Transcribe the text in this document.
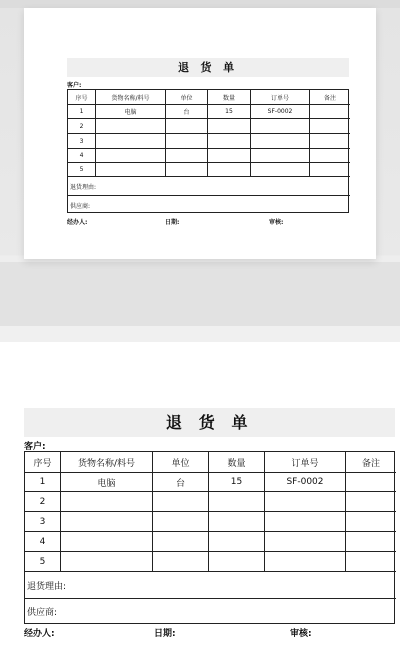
退 货 单
客户:
序号	货物名称/料号	单位	数量	订单号	备注
1	电脑	台	15	SF-0002
2
3
4
5
退货理由:
供应商:
经办人:	日期:	审核:
退 货 单
客户:
序号	货物名称/料号	单位	数量	订单号	备注
1	电脑	台	15	SF-0002
2
3
4
5
退货理由:
供应商:
经办人:	日期:	审核:
